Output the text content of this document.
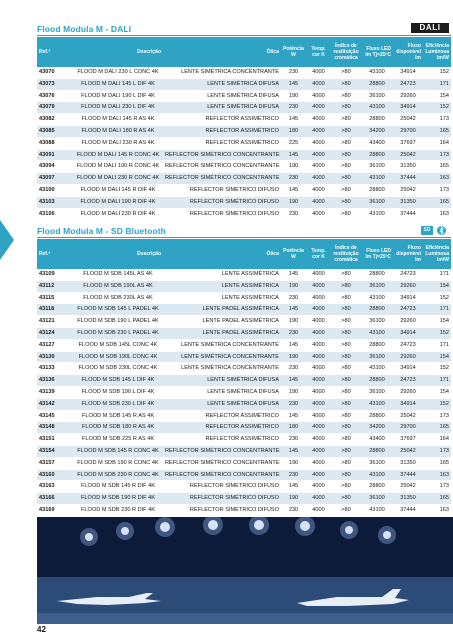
Flood Modula M - DALI	DALI
Ref.ª	Descrição	Ótica	Potência W	Temp. cor K	Índice de restituição cromática	Fluxo LED lm Tj=25ºC	Fluxo disponível lm	Eficiência Luminosa lm/W
43070	FLOOD M DALI 230 L CONC 4K	LENTE SIMÉTRICA CONCENTRANTE	230	4000	>80	43100	34914	152
43073	FLOOD M DALI 145 L DIF 4K	LENTE SIMÉTRICA DIFUSA	145	4000	>80	28800	24723	171
43076	FLOOD M DALI 190 L DIF 4K	LENTE SIMÉTRICA DIFUSA	190	4000	>80	36100	29260	154
43079	FLOOD M DALI 230 L DIF 4K	LENTE SIMÉTRICA DIFUSA	230	4000	>80	43100	34914	152
43082	FLOOD M DALI 145 R AS 4K	REFLECTOR ASSIMÉTRICO	145	4000	>80	28800	25042	173
43085	FLOOD M DALI 180 R AS 4K	REFLECTOR ASSIMÉTRICO	180	4000	>80	34200	29700	165
43088	FLOOD M DALI 230 R AS 4K	REFLECTOR ASSIMÉTRICO	225	4000	>80	43400	37697	164
43091	FLOOD M DALI 145 R CONC 4K	REFLECTOR SIMÉTRICO CONCENTRANTE	145	4000	>80	28800	25042	173
43094	FLOOD M DALI 190 R CONC 4K	REFLECTOR SIMÉTRICO CONCENTRANTE	190	4000	>80	36100	31350	165
43097	FLOOD M DALI 230 R CONC 4K	REFLECTOR SIMÉTRICO CONCENTRANTE	230	4000	>80	43100	37444	163
43100	FLOOD M DALI 145 R DIF 4K	REFLECTOR SIMÉTRICO DIFUSO	145	4000	>80	28800	25042	173
43103	FLOOD M DALI 190 R DIF 4K	REFLECTOR SIMÉTRICO DIFUSO	190	4000	>80	36100	31350	165
43106	FLOOD M DALI 230 R DIF 4K	REFLECTOR SIMÉTRICO DIFUSO	230	4000	>80	43100	37444	163
Flood Modula M - SD Bluetooth	SD
Ref.ª	Descrição	Ótica	Potência W	Temp. cor K	Índice de restituição cromática	Fluxo LED lm Tj=25ºC	Fluxo disponível lm	Eficiência Luminosa lm/W
43109	FLOOD M SDB 145L AS 4K	LENTE ASSIMÉTRICA	145	4000	>80	28800	24723	171
43112	FLOOD M SDB 190L AS 4K	LENTE ASSIMÉTRICA	190	4000	>80	36100	29260	154
43115	FLOOD M SDB 230L AS 4K	LENTE ASSIMÉTRICA	230	4000	>80	43100	34914	152
43118	FLOOD M SDB 145 L PADEL 4K	LENTE PADEL ASSIMÉTRICA	145	4000	>80	28800	24723	171
43121	FLOOD M SDB 190 L PADEL 4K	LENTE PADEL ASSIMÉTRICA	190	4000	>80	36100	29260	154
43124	FLOOD M SDB 230 L PADEL 4K	LENTE PADEL ASSIMÉTRICA	230	4000	>80	43100	34914	152
43127	FLOOD M SDB 145L CONC 4K	LENTE SIMÉTRICA CONCENTRANTE	145	4000	>80	28800	24723	171
43130	FLOOD M SDB 190L CONC 4K	LENTE SIMÉTRICA CONCENTRANTE	190	4000	>80	36100	29260	154
43133	FLOOD M SDB 230L CONC 4K	LENTE SIMÉTRICA CONCENTRANTE	230	4000	>80	43100	34914	152
43136	FLOOD M SDB 145 L DIF 4K	LENTE SIMÉTRICA DIFUSA	145	4000	>80	28800	24723	171
43139	FLOOD M SDB 190 L DIF 4K	LENTE SIMÉTRICA DIFUSA	190	4000	>80	36100	29260	154
43142	FLOOD M SDB 230 L DIF 4K	LENTE SIMÉTRICA DIFUSA	230	4000	>80	43100	34914	152
43145	FLOOD M SDB 145 R AS 4K	REFLECTOR ASSIMÉTRICO	145	4000	>80	28800	25042	173
43148	FLOOD M SDB 180 R AS 4K	REFLECTOR ASSIMÉTRICO	180	4000	>80	34200	29700	165
43151	FLOOD M SDB 225 R AS 4K	REFLECTOR ASSIMÉTRICO	230	4000	>80	43400	37697	164
43154	FLOOD M SDB 145 R CONC 4K	REFLECTOR SIMÉTRICO CONCENTRANTE	145	4000	>80	28800	25042	173
43157	FLOOD M SDB 190 R CONC 4K	REFLECTOR SIMÉTRICO CONCENTRANTE	190	4000	>80	36100	31350	165
43160	FLOOD M SDB 230 R CONC 4K	REFLECTOR SIMÉTRICO CONCENTRANTE	230	4000	>80	43100	37444	163
43163	FLOOD M SDB 145 R DIF 4K	REFLECTOR SIMÉTRICO DIFUSO	145	4000	>80	28800	25042	173
43166	FLOOD M SDB 190 R DIF 4K	REFLECTOR SIMÉTRICO DIFUSO	190	4000	>80	36100	31350	165
43169	FLOOD M SDB 230 R DIF 4K	REFLECTOR SIMÉTRICO DIFUSO	230	4000	>80	43100	37444	163
42
